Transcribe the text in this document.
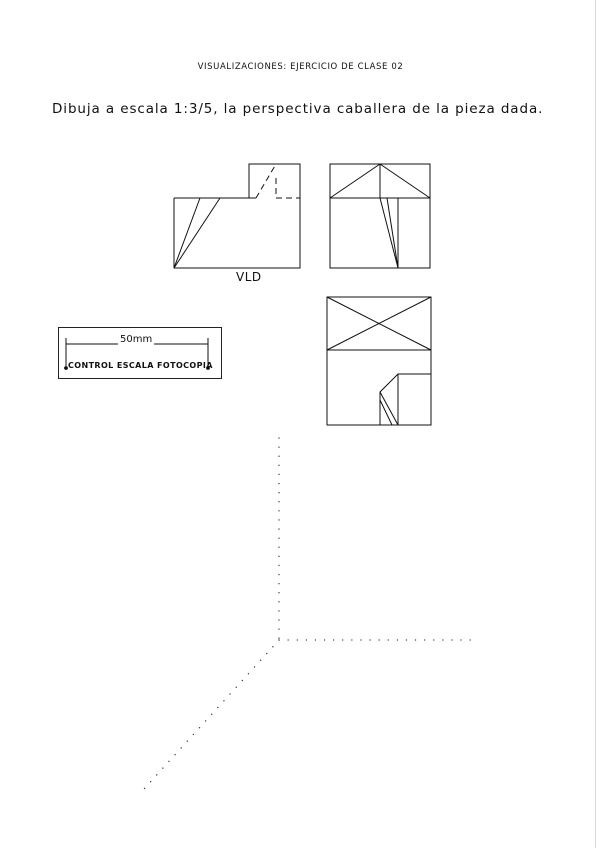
VISUALIZACIONES: EJERCICIO DE CLASE 02
Dibuja a escala 1:3/5, la perspectiva caballera de la pieza dada.
VLD
50mm
CONTROL ESCALA FOTOCOPIA
